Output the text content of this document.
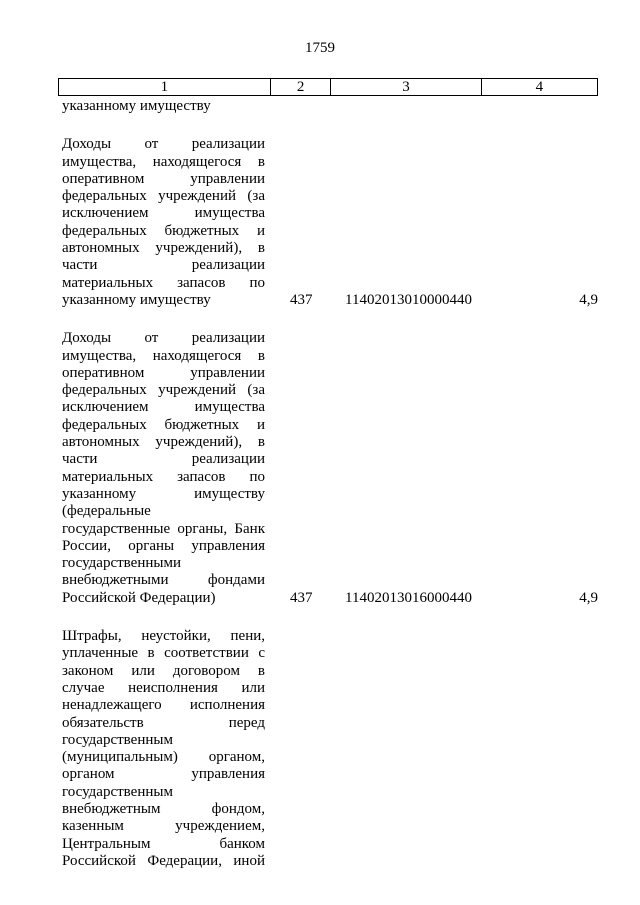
1759
1	2	3	4
указанному имуществу
Доходы от реализации
имущества, находящегося в
оперативном управлении
федеральных учреждений (за
исключением имущества
федеральных бюджетных и
автономных учреждений), в
части реализации
материальных запасов по
указанному имуществу	437 11402013010000440	4,9
Доходы от реализации
имущества, находящегося в
оперативном управлении
федеральных учреждений (за
исключением имущества
федеральных бюджетных и
автономных учреждений), в
части реализации
материальных запасов по
указанному имуществу
(федеральные
государственные органы, Банк
России, органы управления
государственными
внебюджетными фондами
Российской Федерации)	437 11402013016000440	4,9
Штрафы, неустойки, пени,
уплаченные в соответствии с
законом или договором в
случае неисполнения или
ненадлежащего исполнения
обязательств перед
государственным
(муниципальным) органом,
органом управления
государственным
внебюджетным фондом,
казенным учреждением,
Центральным банком
Российской Федерации, иной
